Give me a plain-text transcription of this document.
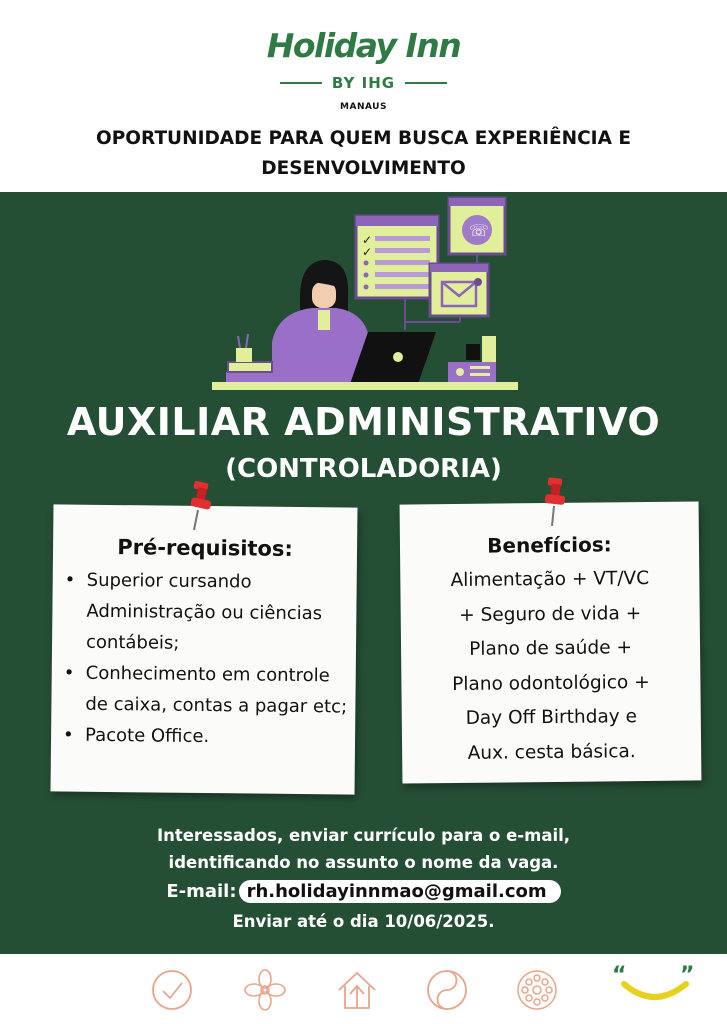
Holiday Inn
BY IHG
MANAUS
OPORTUNIDADE PARA QUEM BUSCA EXPERIÊNCIA E DESENVOLVIMENTO
✓
✓
☏
AUXILIAR ADMINISTRATIVO
(CONTROLADORIA)
Pré-requisitos:
• Superior cursando Administração ou ciências contábeis;
• Conhecimento em controle de caixa, contas a pagar etc;
• Pacote Office.
Benefícios:
Alimentação + VT/VC
+ Seguro de vida +
Plano de saúde +
Plano odontológico +
Day Off Birthday e
Aux. cesta básica.
Interessados, enviar currículo para o e-mail,
identificando no assunto o nome da vaga.
E-mail: rh.holidayinnmao@gmail.com
Enviar até o dia 10/06/2025.
“ ”
